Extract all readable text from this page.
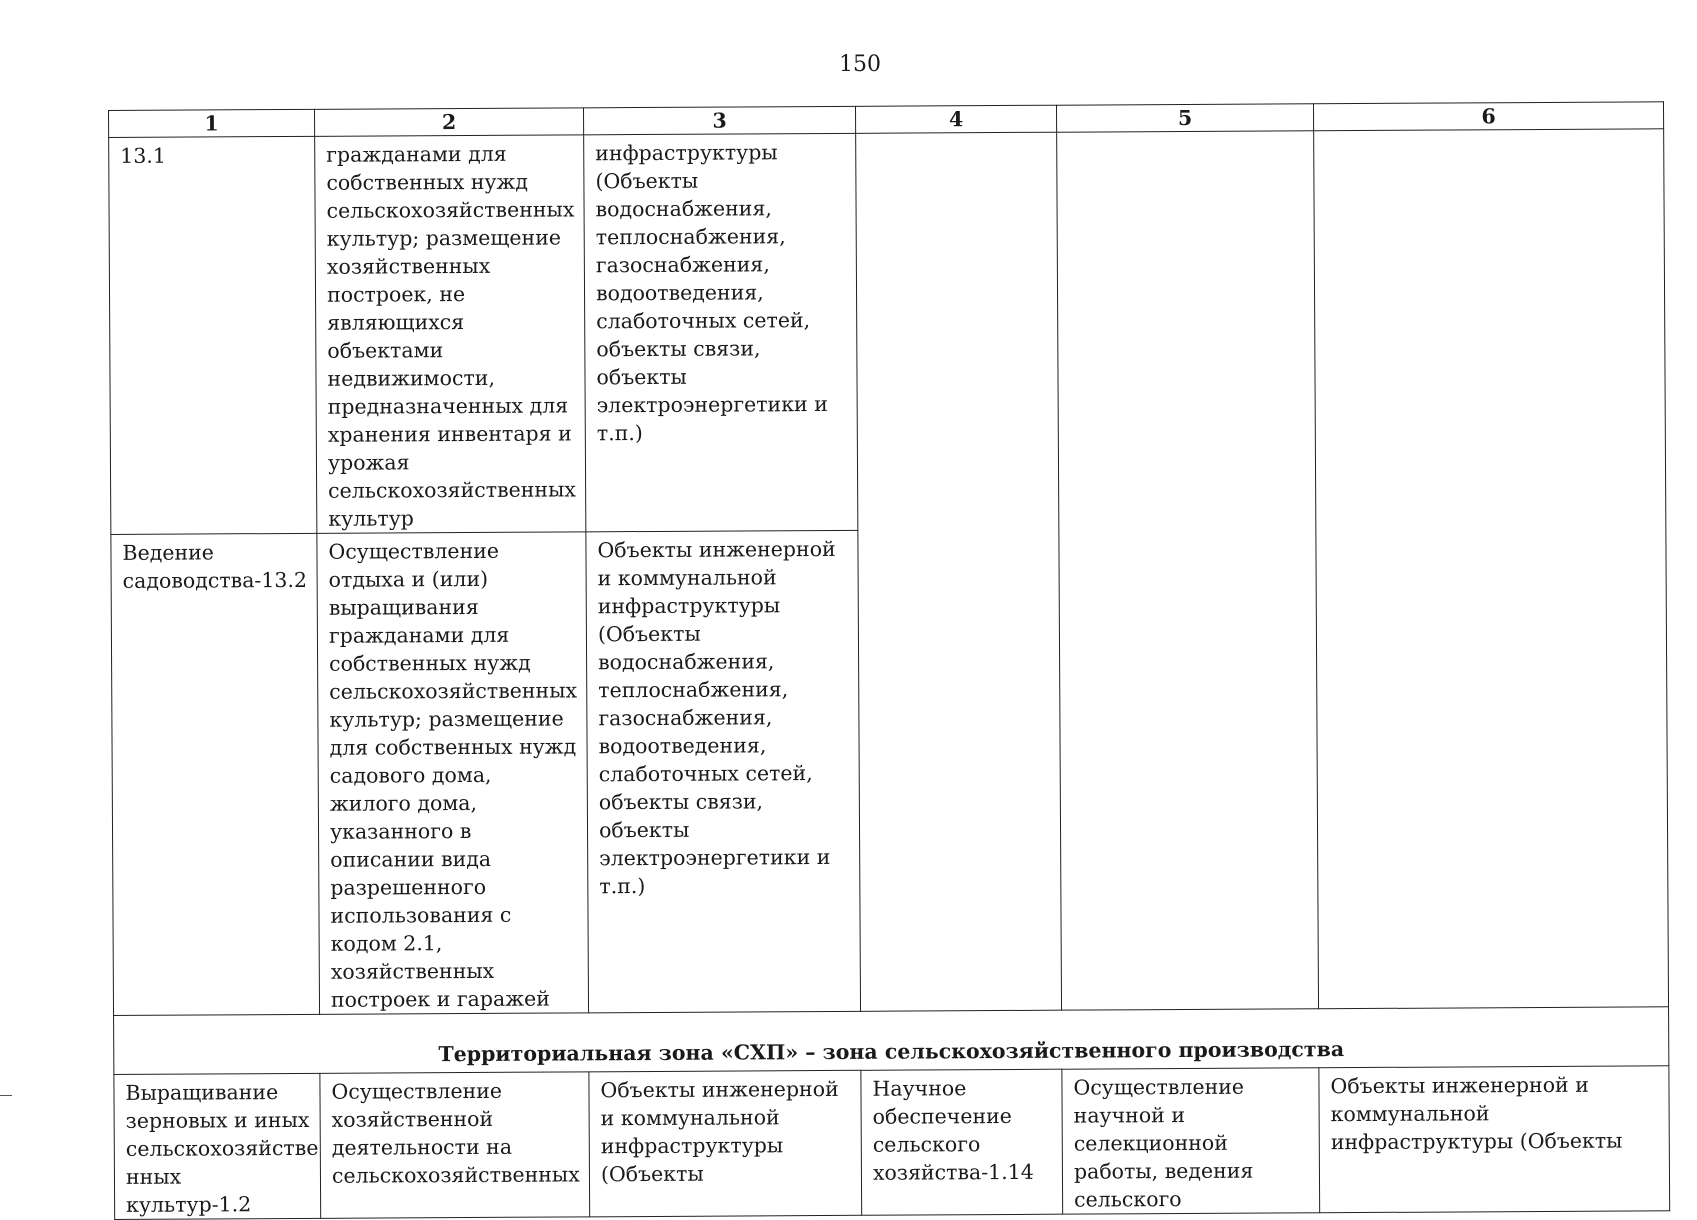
150
1	2	3	4	5	6
13.1	гражданами для собственных нужд сельскохозяйственных культур; размещение хозяйственных построек, не являющихся объектами недвижимости, предназначенных для хранения инвентаря и урожая сельскохозяйственных культур	инфраструктуры (Объекты водоснабжения, теплоснабжения, газоснабжения, водоотведения, слаботочных сетей, объекты связи, объекты электроэнергетики и т.п.)			
Ведение садоводства-13.2	Осуществление отдыха и (или) выращивания гражданами для собственных нужд сельскохозяйственных культур; размещение для собственных нужд садового дома, жилого дома, указанного в описании вида разрешенного использования с кодом 2.1, хозяйственных построек и гаражей	Объекты инженерной и коммунальной инфраструктуры (Объекты водоснабжения, теплоснабжения, газоснабжения, водоотведения, слаботочных сетей, объекты связи, объекты электроэнергетики и т.п.)			
Территориальная зона «СХП» – зона сельскохозяйственного производства					
Выращивание зерновых и иных сельскохозяйстве нных культур-1.2	Осуществление хозяйственной деятельности на сельскохозяйственных	Объекты инженерной и коммунальной инфраструктуры (Объекты	Научное обеспечение сельского хозяйства-1.14	Осуществление научной и селекционной работы, ведения сельского	Объекты инженерной и коммунальной инфраструктуры (Объекты
